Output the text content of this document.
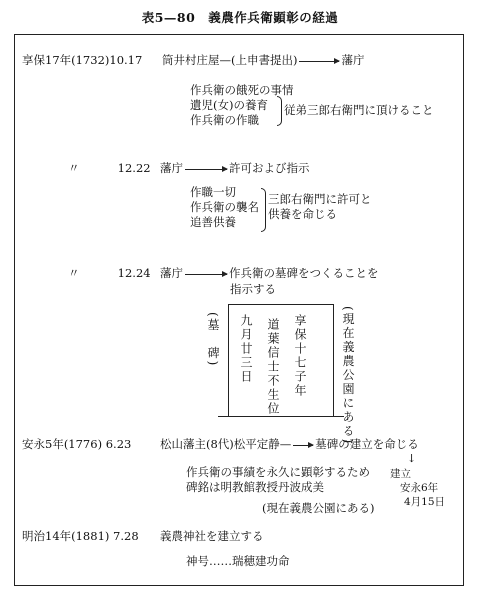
表5—80　義農作兵衛顕彰の経過
享保17年(1732)10.17 筒井村庄屋—(上申書提出)	藩庁
作兵衛の餓死の事情
遺児(女)の養育
作兵衛の作職
従弟三郎右衛門に頂けること
〃　　　 12.22 藩庁	許可および指示
作職一切
作兵衛の襲名
追善供養
三郎右衛門に許可と
供養を命じる
〃　　　 12.24 藩庁	作兵衛の墓碑をつくることを
指示する
(墓　碑)	享保十七子年
道葉信士不生位
九月廿三日	(現在義農公園にある)
安永5年(1776) 6.23 松山藩主(8代)松平定静— 墓碑の建立を命じる
↓
作兵衛の事績を永久に顕彰するため
碑銘は明教館教授丹波成美
建立
安永6年
4月15日
(現在義農公園にある)
明治14年(1881) 7.28 義農神社を建立する
神号……瑞穂建功命
